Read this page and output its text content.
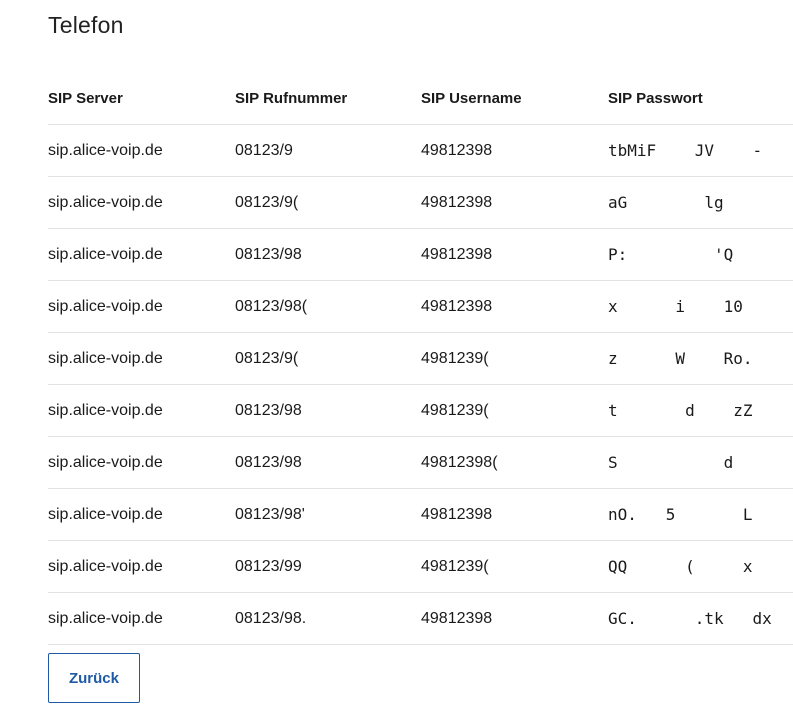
Telefon
SIP Server	SIP Rufnummer	SIP Username	SIP Passwort
sip.alice-voip.de	08123/9	49812398	tbMiF    JV    -
sip.alice-voip.de	08123/9(	49812398	aG        lg
sip.alice-voip.de	08123/98	49812398	P:         'Q
sip.alice-voip.de	08123/98(	49812398	x      i    10
sip.alice-voip.de	08123/9(	4981239(	z      W    Ro.
sip.alice-voip.de	08123/98	4981239(	t       d    zZ
sip.alice-voip.de	08123/98	49812398(	S           d
sip.alice-voip.de	08123/98'	49812398	nO.   5       L
sip.alice-voip.de	08123/99	4981239(	QQ      (     x
sip.alice-voip.de	08123/98.	49812398	GC.      .tk   dx
Zurück
